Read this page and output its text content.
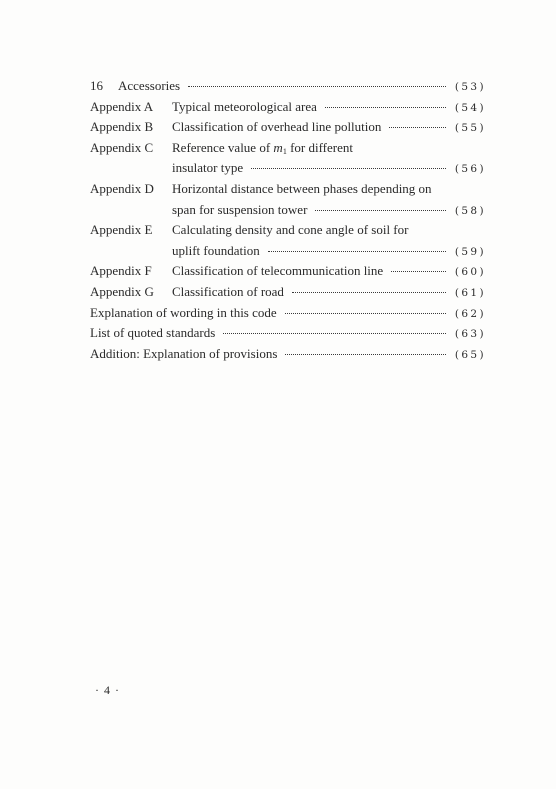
16	Accessories	(53)
Appendix A	Typical meteorological area	(54)
Appendix B	Classification of overhead line pollution	(55)
Appendix C	Reference value of $m_1$ for different
insulator type	(56)
Appendix D	Horizontal distance between phases depending on
span for suspension tower	(58)
Appendix E	Calculating density and cone angle of soil for
uplift foundation	(59)
Appendix F	Classification of telecommunication line	(60)
Appendix G	Classification of road	(61)
Explanation of wording in this code	(62)
List of quoted standards	(63)
Addition: Explanation of provisions	(65)
· 4 ·
